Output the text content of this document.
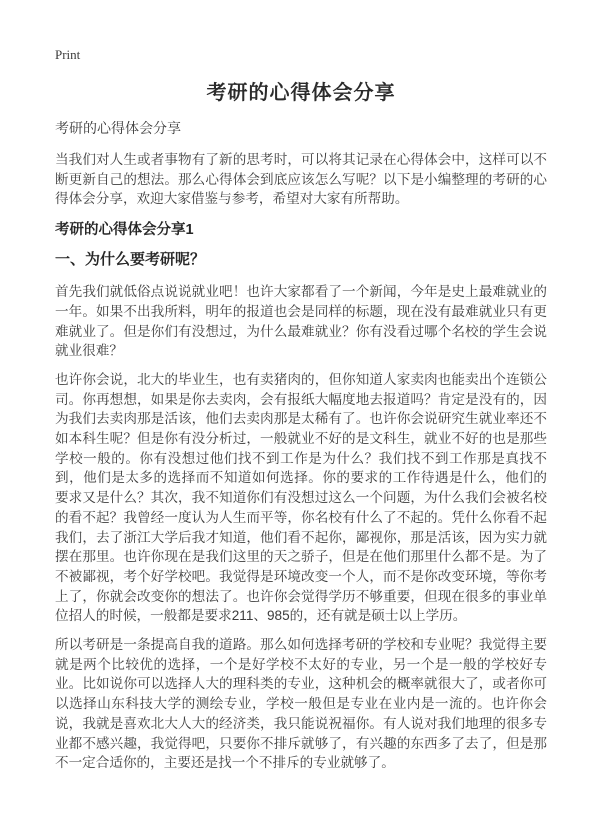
Print
考研的心得体会分享
考研的心得体会分享

当我们对人生或者事物有了新的思考时，可以将其记录在心得体会中，这样可以不断更新自己的想法。那么心得体会到底应该怎么写呢？以下是小编整理的考研的心得体会分享，欢迎大家借鉴与参考，希望对大家有所帮助。

考研的心得体会分享1
一、为什么要考研呢？

首先我们就低俗点说说就业吧！也许大家都看了一个新闻，今年是史上最难就业的一年。如果不出我所料，明年的报道也会是同样的标题，现在没有最难就业只有更难就业了。但是你们有没想过，为什么最难就业？你有没看过哪个名校的学生会说就业很难？

也许你会说，北大的毕业生，也有卖猪肉的，但你知道人家卖肉也能卖出个连锁公司。你再想想，如果是你去卖肉，会有报纸大幅度地去报道吗？肯定是没有的，因为我们去卖肉那是活该，他们去卖肉那是太稀有了。也许你会说研究生就业率还不如本科生呢？但是你有没分析过，一般就业不好的是文科生，就业不好的也是那些学校一般的。你有没想过他们找不到工作是为什么？我们找不到工作那是真找不到，他们是太多的选择而不知道如何选择。你的要求的工作待遇是什么，他们的 要求又是什么？其次，我不知道你们有没想过这么一个问题，为什么我们会被名校的看不起？我曾经一度认为人生而平等，你名校有什么了不起的。凭什么你看不起我们，去了浙江大学后我才知道，他们看不起你，鄙视你，那是活该，因为实力就摆在那里。也许你现在是我们这里的天之骄子，但是在他们那里什么都不是。为了不被鄙视，考个好学校吧。我觉得是环境改变一个人，而不是你改变环境，等你考上了，你就会改变你的想法了。也许你会觉得学历不够重要，但现在很多的事业单位招人的时候，一般都是要求211、985的，还有就是硕士以上学历。

所以考研是一条提高自我的道路。那么如何选择考研的学校和专业呢？我觉得主要就是两个比较优的选择，一个是好学校不太好的专业，另一个是一般的学校好专业。比如说你可以选择人大的理科类的专业，这种机会的概率就很大了，或者你可以选择山东科技大学的测绘专业，学校一般但是专业在业内是一流的。也许你会说，我就是喜欢北大人大的经济类，我只能说祝福你。有人说对我们地理的很多专业都不感兴趣，我觉得吧，只要你不排斥就够了，有兴趣的东西多了去了，但是那不一定合适你的，主要还是找一个不排斥的专业就够了。
